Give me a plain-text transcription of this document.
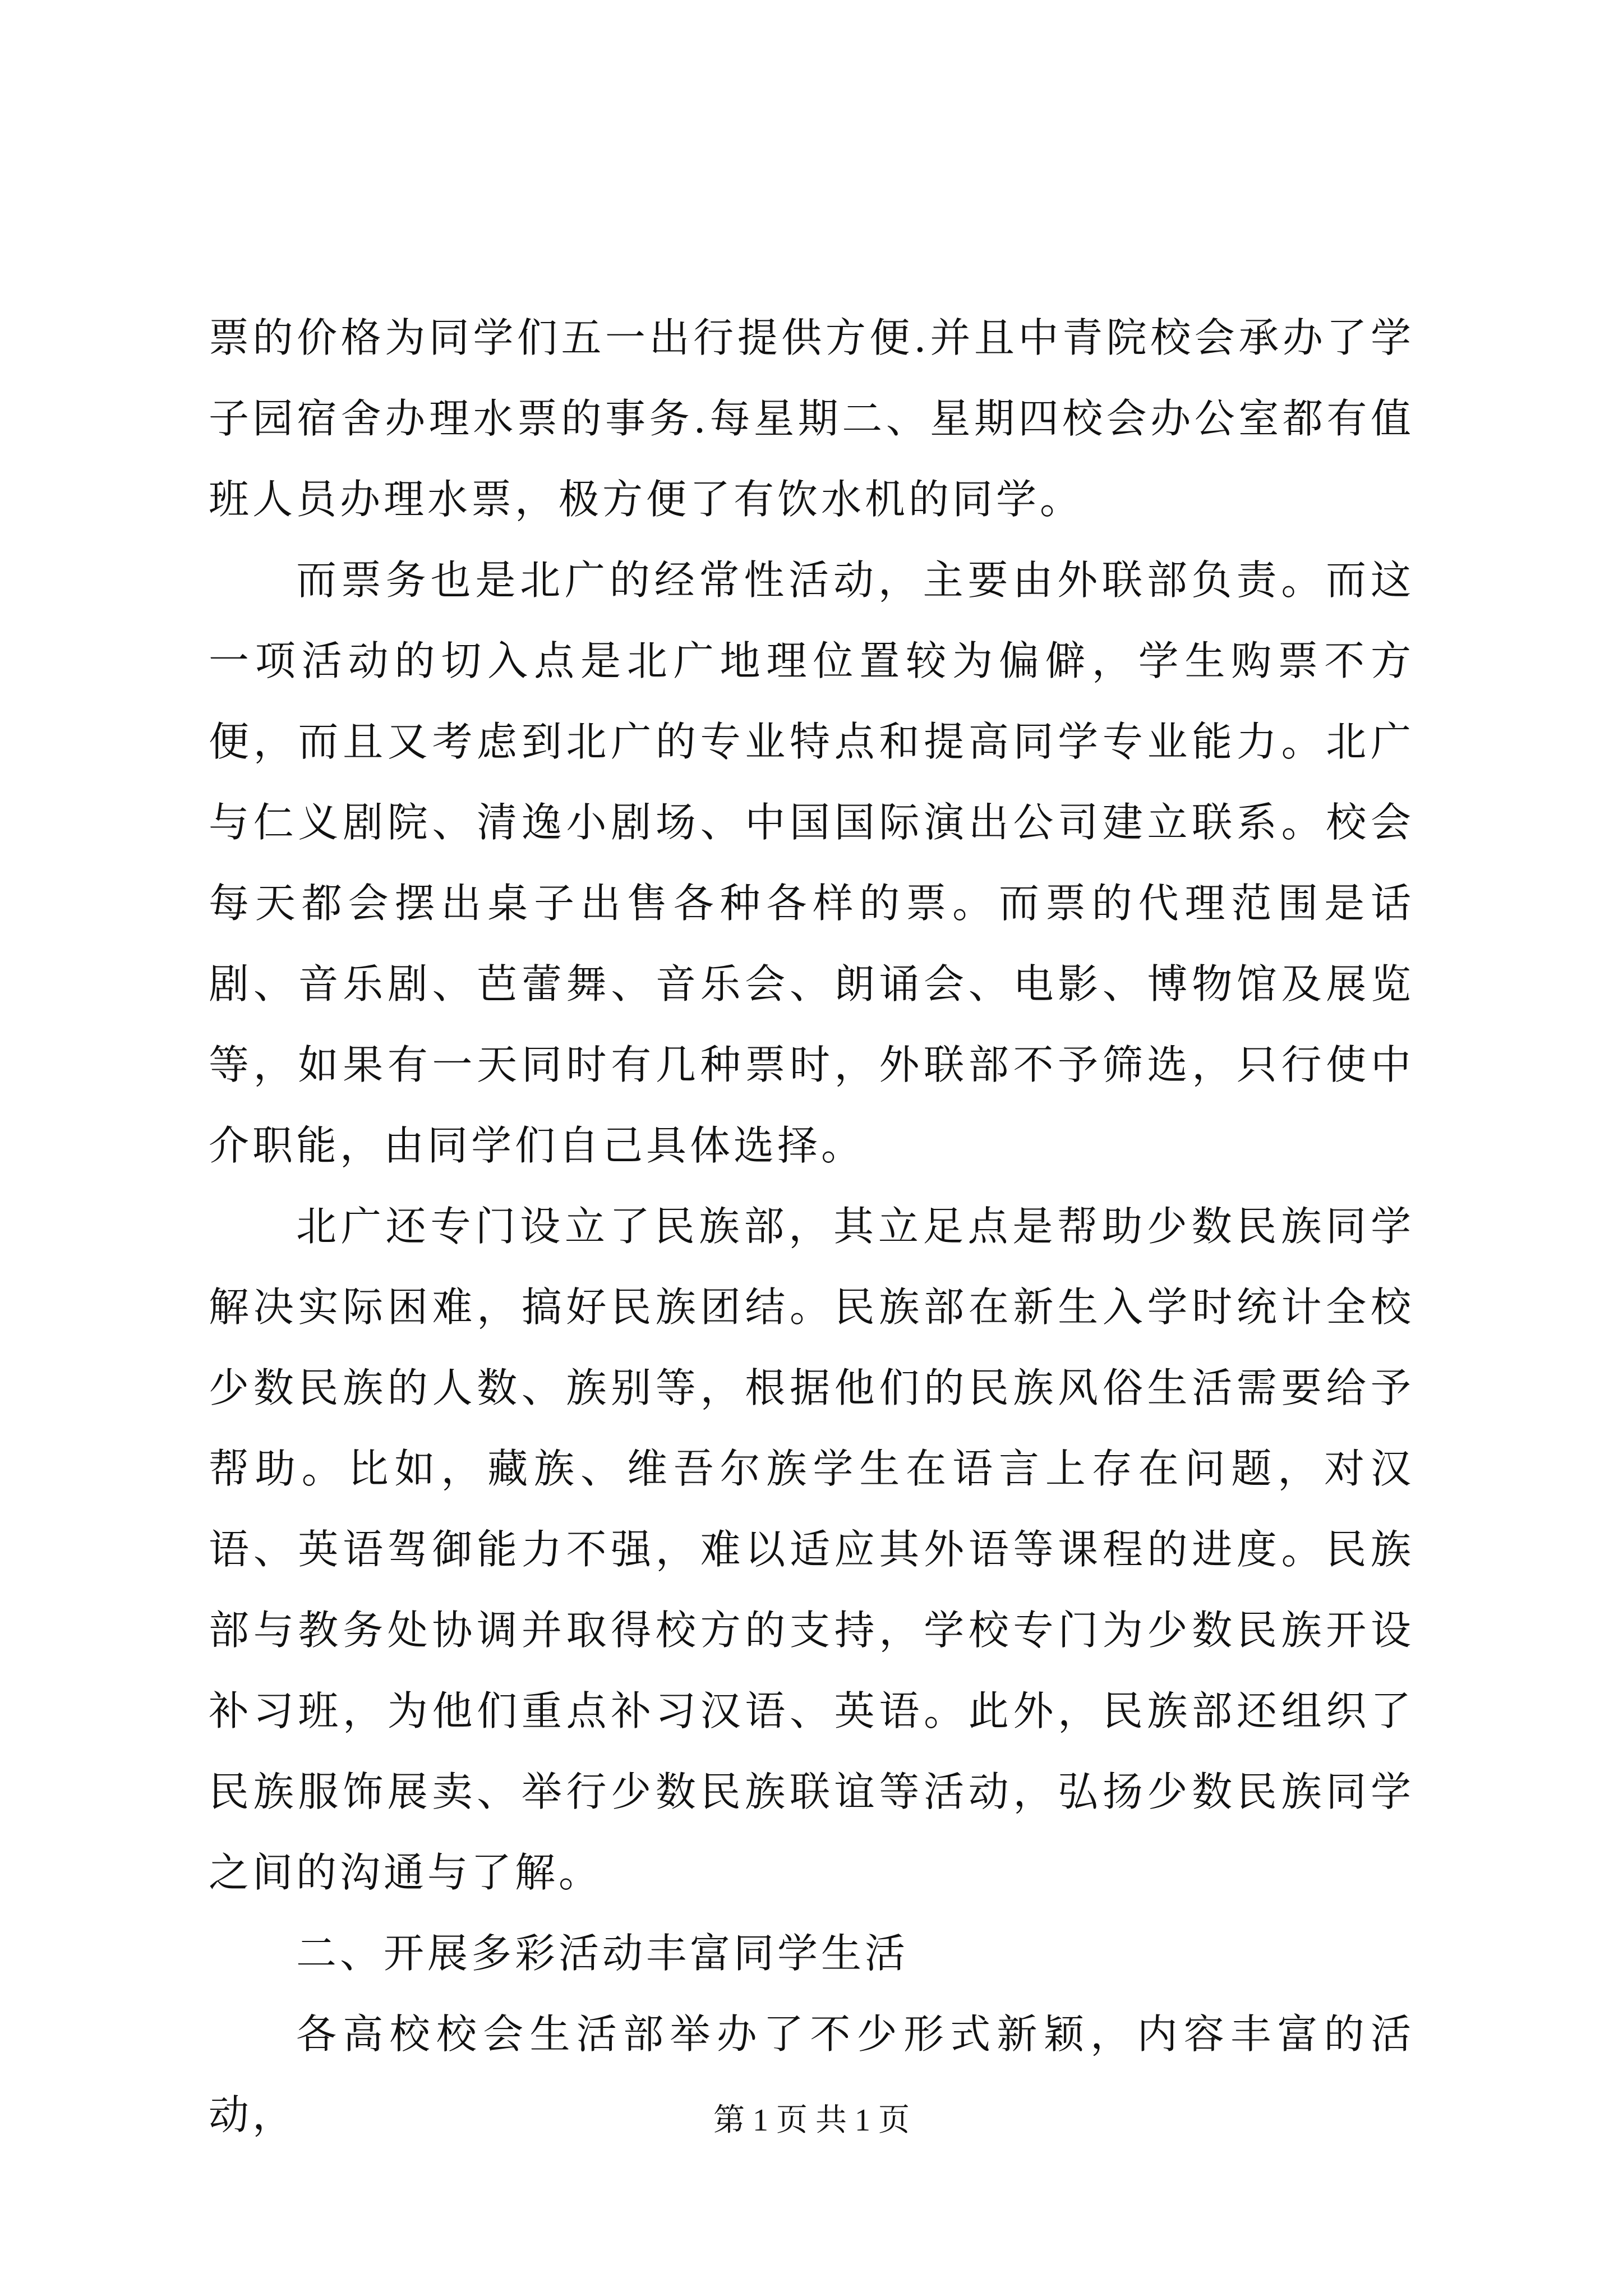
票的价格为同学们五一出行提供方便.并且中青院校会承办了学子园宿舍办理水票的事务.每星期二、星期四校会办公室都有值班人员办理水票，极方便了有饮水机的同学。

而票务也是北广的经常性活动，主要由外联部负责。而这一项活动的切入点是北广地理位置较为偏僻，学生购票不方便，而且又考虑到北广的专业特点和提高同学专业能力。北广与仁义剧院、清逸小剧场、中国国际演出公司建立联系。校会每天都会摆出桌子出售各种各样的票。而票的代理范围是话剧、音乐剧、芭蕾舞、音乐会、朗诵会、电影、博物馆及展览等，如果有一天同时有几种票时，外联部不予筛选，只行使中介职能，由同学们自己具体选择。

北广还专门设立了民族部，其立足点是帮助少数民族同学解决实际困难，搞好民族团结。民族部在新生入学时统计全校少数民族的人数、族别等，根据他们的民族风俗生活需要给予帮助。比如，藏族、维吾尔族学生在语言上存在问题，对汉语、英语驾御能力不强，难以适应其外语等课程的进度。民族部与教务处协调并取得校方的支持，学校专门为少数民族开设补习班，为他们重点补习汉语、英语。此外，民族部还组织了民族服饰展卖、举行少数民族联谊等活动，弘扬少数民族同学之间的沟通与了解。

二、开展多彩活动丰富同学生活

各高校校会生活部举办了不少形式新颖，内容丰富的活动，	第 1 页 共 1 页
